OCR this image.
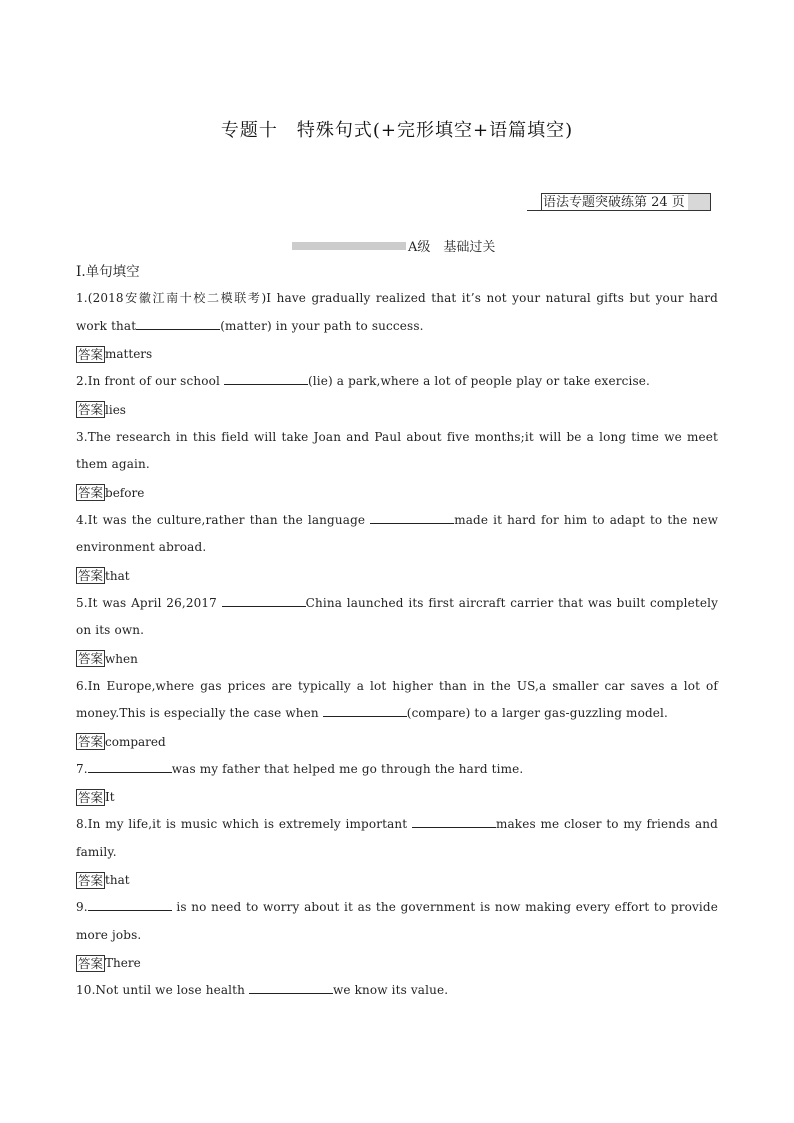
专题十　特殊句式(+完形填空+语篇填空)
语法专题突破练第 24 页
A级　基础过关

Ⅰ.单句填空

1.(2018安徽江南十校二模联考)I have gradually realized that it’s not your natural gifts but your hard work that	(matter) in your path to success.

答案 matters

2.In front of our school	(lie) a park,where a lot of people play or take exercise.

答案 lies

3.The research in this field will take Joan and Paul about five months;it will be a long time we meet them again.

答案 before

4.It was the culture,rather than the language	made it hard for him to adapt to the new environment abroad.

答案 that

5.It was April 26,2017	China launched its first aircraft carrier that was built completely on its own.

答案 when

6.In Europe,where gas prices are typically a lot higher than in the US,a smaller car saves a lot of money.This is especially the case when	(compare) to a larger gas-guzzling model.

答案 compared

7.	was my father that helped me go through the hard time.

答案 It

8.In my life,it is music which is extremely important	makes me closer to my friends and family.

答案 that

9.	is no need to worry about it as the government is now making every effort to provide more jobs.

答案 There

10.Not until we lose health	we know its value.
